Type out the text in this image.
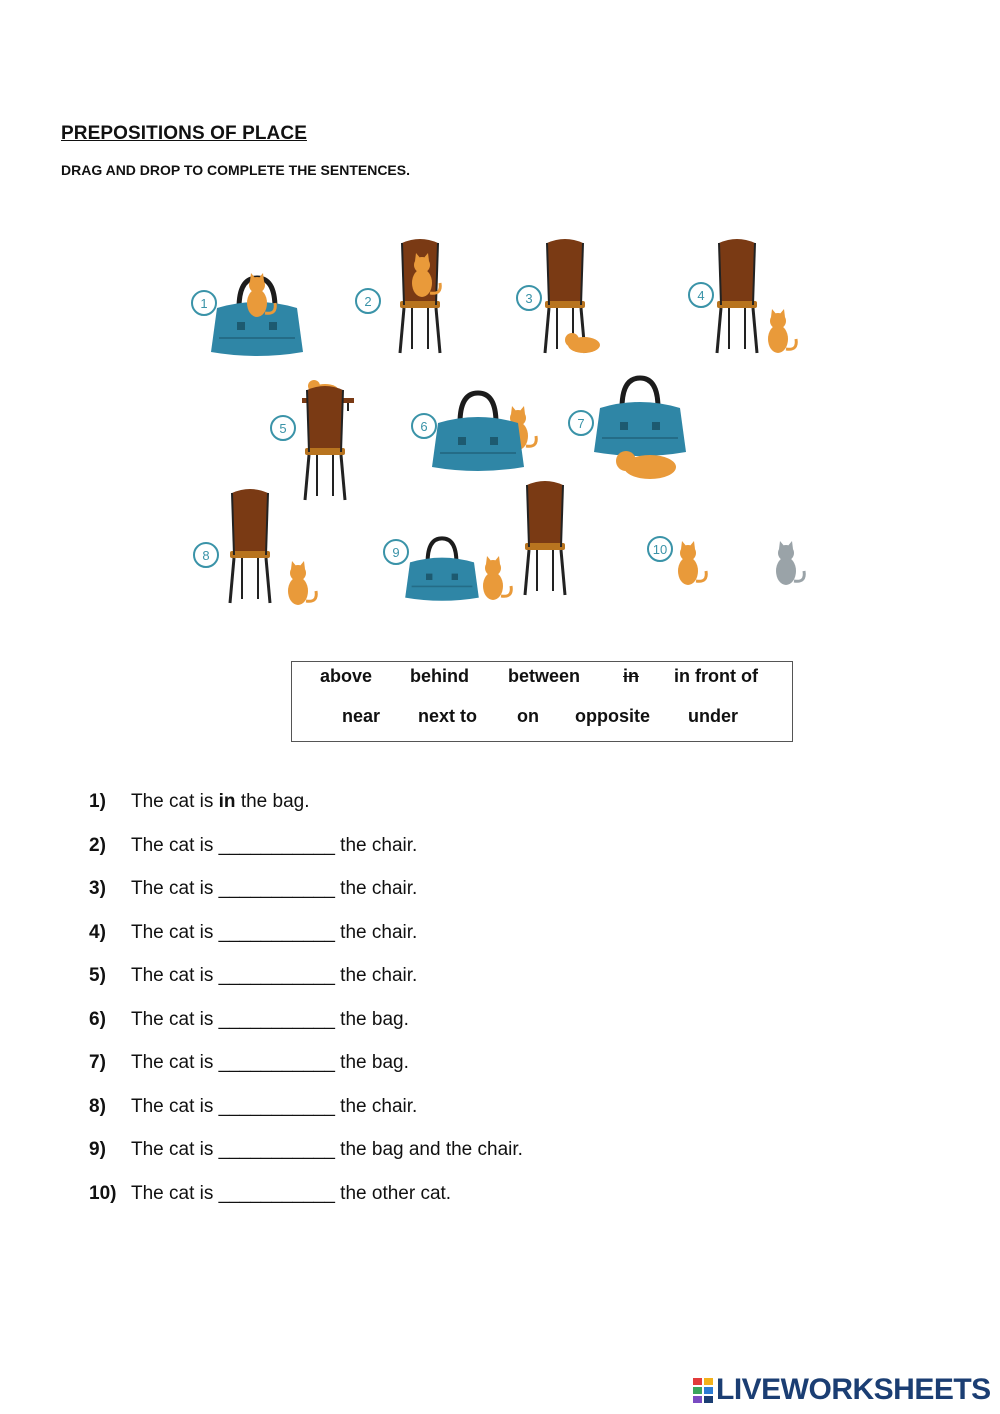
PREPOSITIONS OF PLACE
DRAG AND DROP TO COMPLETE THE SENTENCES.
1	2	3	4
5	6	7
8	9	10
above behind between in in front of
near next to on opposite under
1) The cat is in the bag.
2) The cat is ___________ the chair.
3) The cat is ___________ the chair.
4) The cat is ___________ the chair.
5) The cat is ___________ the chair.
6) The cat is ___________ the bag.
7) The cat is ___________ the bag.
8) The cat is ___________ the chair.
9) The cat is ___________ the bag and the chair.
10) The cat is ___________ the other cat.
LIVEWORKSHEETS
